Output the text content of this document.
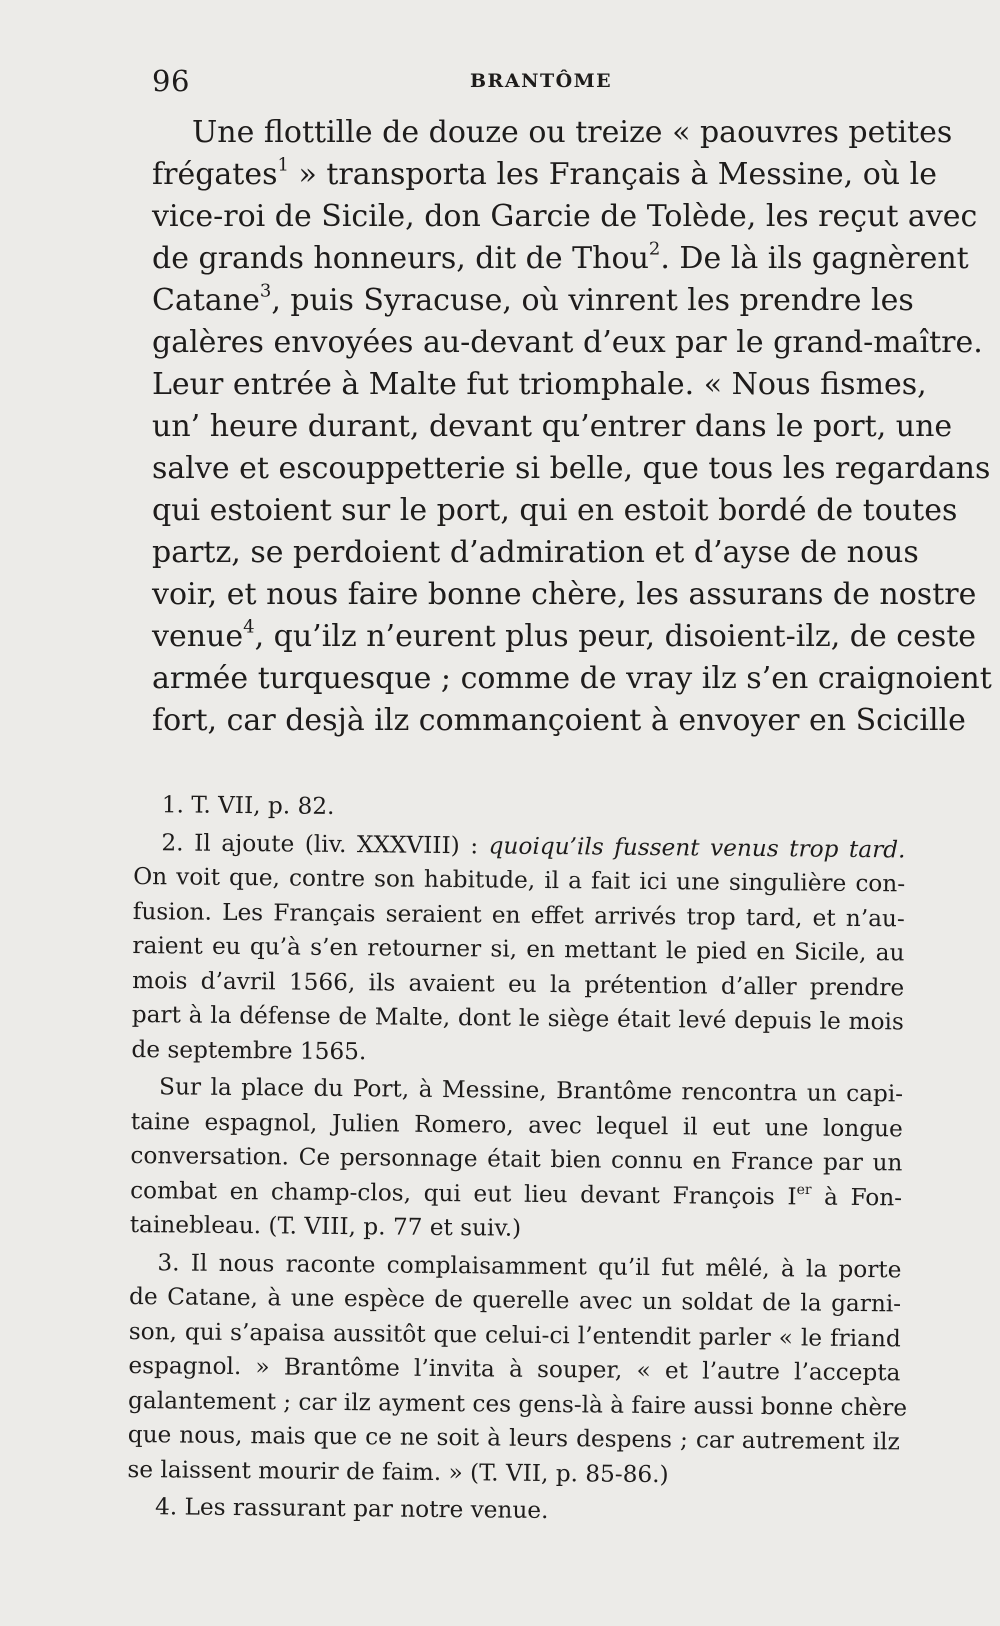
96	BRANTÔME
Une flottille de douze ou treize « paouvres petites
frégates$^1$ » transporta les Français à Messine, où le
vice-roi de Sicile, don Garcie de Tolède, les reçut avec
de grands honneurs, dit de Thou$^2$. De là ils gagnèrent
Catane$^3$, puis Syracuse, où vinrent les prendre les
galères envoyées au-devant d’eux par le grand-maître.
Leur entrée à Malte fut triomphale. « Nous fismes,
un’ heure durant, devant qu’entrer dans le port, une
salve et escouppetterie si belle, que tous les regardans
qui estoient sur le port, qui en estoit bordé de toutes
partz, se perdoient d’admiration et d’ayse de nous
voir, et nous faire bonne chère, les assurans de nostre
venue$^4$, qu’ilz n’eurent plus peur, disoient-ilz, de ceste
armée turquesque ; comme de vray ilz s’en craignoient
fort, car desjà ilz commançoient à envoyer en Scicille
1. T. VII, p. 82.
2. Il ajoute (liv. XXXVIII) : quoiqu’ils fussent venus trop tard.
On voit que, contre son habitude, il a fait ici une singulière con-
fusion. Les Français seraient en effet arrivés trop tard, et n’au-
raient eu qu’à s’en retourner si, en mettant le pied en Sicile, au
mois d’avril 1566, ils avaient eu la prétention d’aller prendre
part à la défense de Malte, dont le siège était levé depuis le mois
de septembre 1565.
Sur la place du Port, à Messine, Brantôme rencontra un capi-
taine espagnol, Julien Romero, avec lequel il eut une longue
conversation. Ce personnage était bien connu en France par un
combat en champ-clos, qui eut lieu devant François Ier à Fon-
tainebleau. (T. VIII, p. 77 et suiv.)
3. Il nous raconte complaisamment qu’il fut mêlé, à la porte
de Catane, à une espèce de querelle avec un soldat de la garni-
son, qui s’apaisa aussitôt que celui-ci l’entendit parler « le friand
espagnol. » Brantôme l’invita à souper, « et l’autre l’accepta
galantement ; car ilz ayment ces gens-là à faire aussi bonne chère
que nous, mais que ce ne soit à leurs despens ; car autrement ilz
se laissent mourir de faim. » (T. VII, p. 85-86.)
4. Les rassurant par notre venue.
